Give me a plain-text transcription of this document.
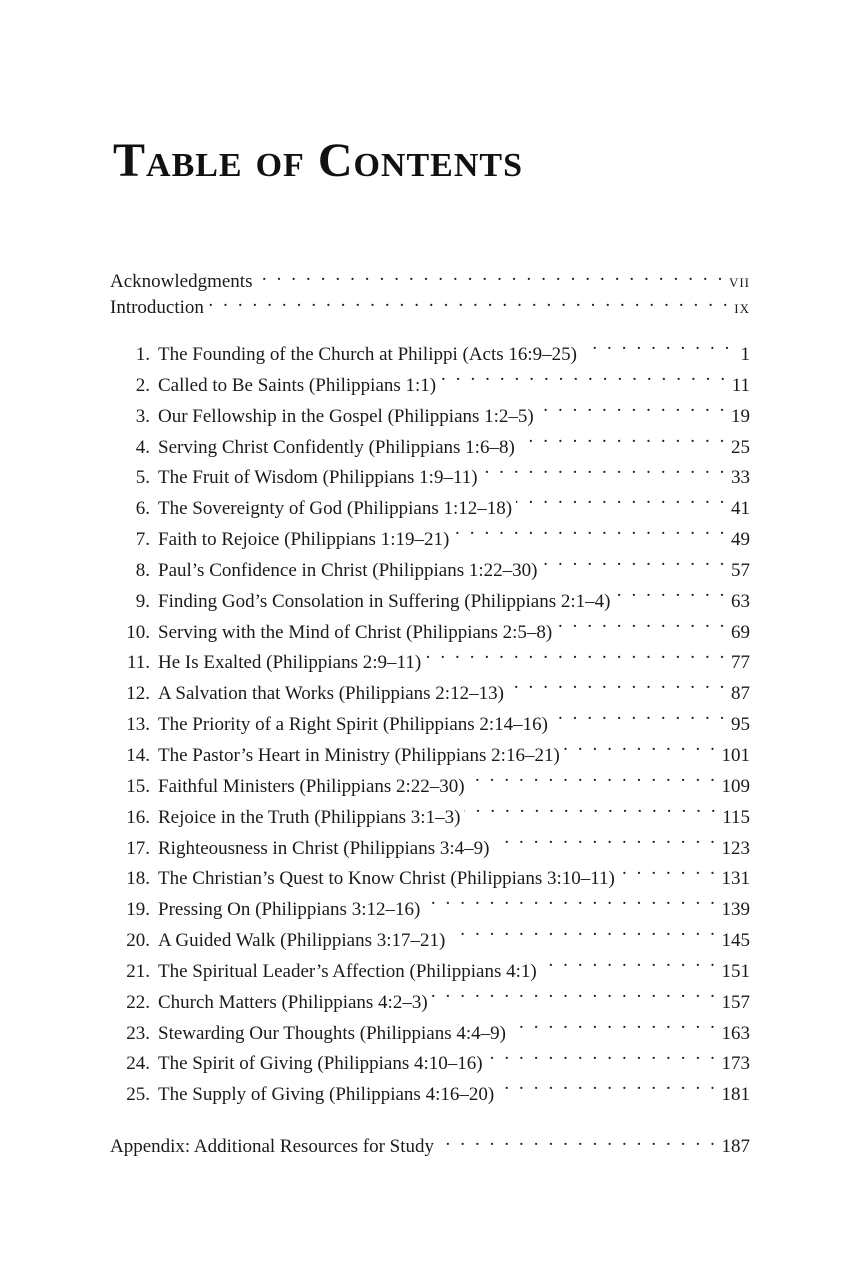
Table of Contents
Acknowledgments . . .	vii
Introduction . . .	ix
1. The Founding of the Church at Philippi (Acts 16:9–25) . . .	1
2. Called to Be Saints (Philippians 1:1) . . .	11
3. Our Fellowship in the Gospel (Philippians 1:2–5) . . .	19
4. Serving Christ Confidently (Philippians 1:6–8) . . .	25
5. The Fruit of Wisdom (Philippians 1:9–11) . . .	33
6. The Sovereignty of God (Philippians 1:12–18) . . .	41
7. Faith to Rejoice (Philippians 1:19–21) . . .	49
8. Paul’s Confidence in Christ (Philippians 1:22–30) . . .	57
9. Finding God’s Consolation in Suffering (Philippians 2:1–4) . . .	63
10. Serving with the Mind of Christ (Philippians 2:5–8) . . .	69
11. He Is Exalted (Philippians 2:9–11) . . .	77
12. A Salvation that Works (Philippians 2:12–13) . . .	87
13. The Priority of a Right Spirit (Philippians 2:14–16) . . .	95
14. The Pastor’s Heart in Ministry (Philippians 2:16–21) . . .	101
15. Faithful Ministers (Philippians 2:22–30) . . .	109
16. Rejoice in the Truth (Philippians 3:1–3) . . .	115
17. Righteousness in Christ (Philippians 3:4–9) . . .	123
18. The Christian’s Quest to Know Christ (Philippians 3:10–11) . . .	131
19. Pressing On (Philippians 3:12–16) . . .	139
20. A Guided Walk (Philippians 3:17–21) . . .	145
21. The Spiritual Leader’s Affection (Philippians 4:1) . . .	151
22. Church Matters (Philippians 4:2–3) . . .	157
23. Stewarding Our Thoughts (Philippians 4:4–9) . . .	163
24. The Spirit of Giving (Philippians 4:10–16) . . .	173
25. The Supply of Giving (Philippians 4:16–20) . . .	181
Appendix: Additional Resources for Study . . .	187
